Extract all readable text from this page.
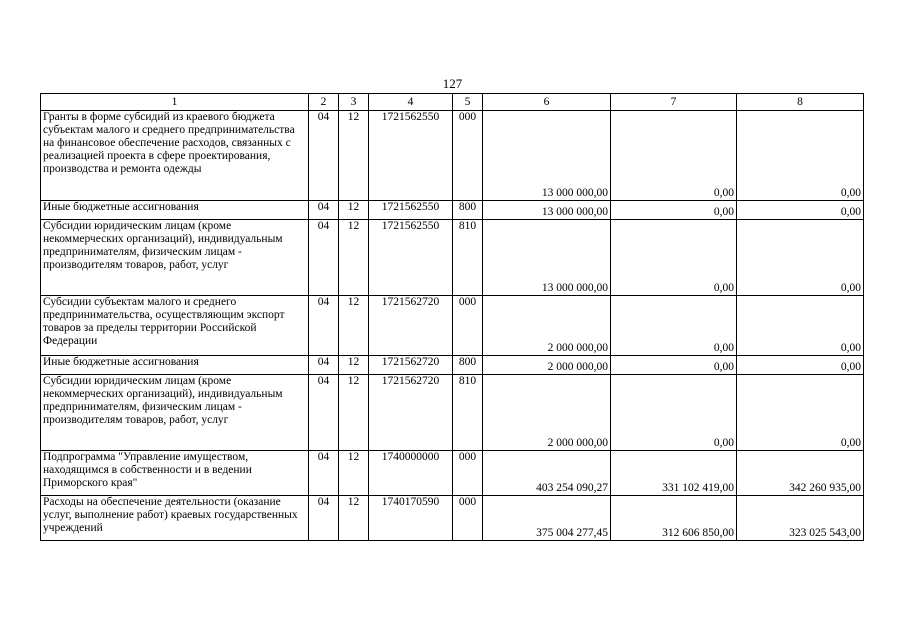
127
1	2	3	4	5	6	7	8
Гранты в форме субсидий из краевого бюджета субъектам малого и среднего предпринимательства на финансовое обеспечение расходов, связанных с реализацией проекта в сфере проектирования, производства и ремонта одежды	04	12	1721562550	000	13 000 000,00	0,00	0,00
Иные бюджетные ассигнования	04	12	1721562550	800	13 000 000,00	0,00	0,00
Субсидии юридическим лицам (кроме некоммерческих организаций), индивидуальным предпринимателям, физическим лицам - производителям товаров, работ, услуг	04	12	1721562550	810	13 000 000,00	0,00	0,00
Субсидии субъектам малого и среднего предпринимательства, осуществляющим экспорт товаров за пределы территории Российской Федерации	04	12	1721562720	000	2 000 000,00	0,00	0,00
Иные бюджетные ассигнования	04	12	1721562720	800	2 000 000,00	0,00	0,00
Субсидии юридическим лицам (кроме некоммерческих организаций), индивидуальным предпринимателям, физическим лицам - производителям товаров, работ, услуг	04	12	1721562720	810	2 000 000,00	0,00	0,00
Подпрограмма "Управление имуществом, находящимся в собственности и в ведении Приморского края"	04	12	1740000000	000	403 254 090,27	331 102 419,00	342 260 935,00
Расходы на обеспечение деятельности (оказание услуг, выполнение работ) краевых государственных учреждений	04	12	1740170590	000	375 004 277,45	312 606 850,00	323 025 543,00
